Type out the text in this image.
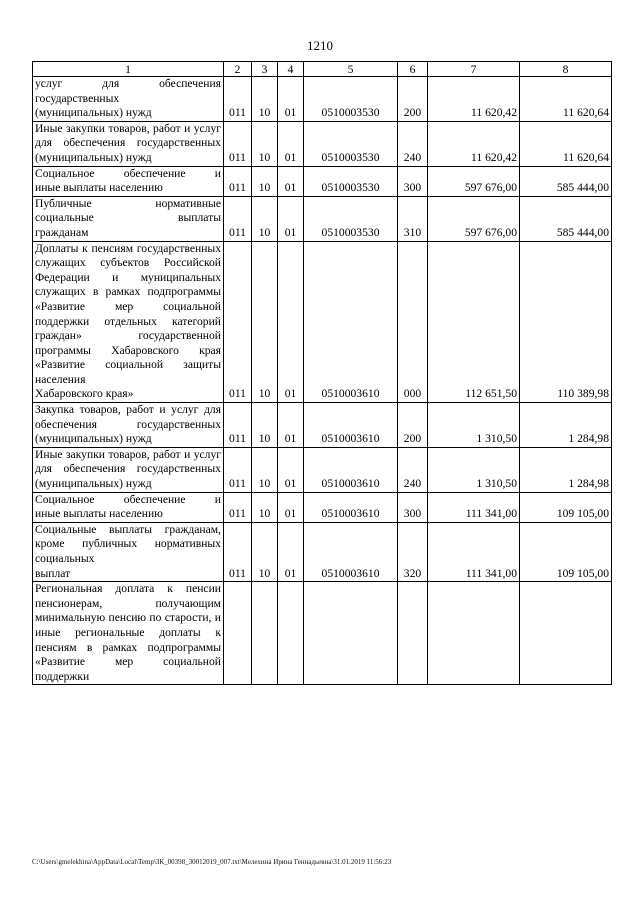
1210
1	2	3	4	5	6	7	8
услуг для обеспечения государственных
(муниципальных) нужд	011	10	01	0510003530	200	11 620,42	11 620,64
Иные закупки товаров, работ и услуг для обеспечения государственных
(муниципальных) нужд	011	10	01	0510003530	240	11 620,42	11 620,64
Социальное обеспечение и
иные выплаты населению	011	10	01	0510003530	300	597 676,00	585 444,00
Публичные нормативные социальные выплаты
гражданам	011	10	01	0510003530	310	597 676,00	585 444,00
Доплаты к пенсиям государственных служащих субъектов Российской Федерации и муниципальных служащих в рамках подпрограммы «Развитие мер социальной поддержки отдельных категорий граждан» государственной программы Хабаровского края «Развитие социальной защиты населения
Хабаровского края»	011	10	01	0510003610	000	112 651,50	110 389,98
Закупка товаров, работ и услуг для обеспечения государственных
(муниципальных) нужд	011	10	01	0510003610	200	1 310,50	1 284,98
Иные закупки товаров, работ и услуг для обеспечения государственных
(муниципальных) нужд	011	10	01	0510003610	240	1 310,50	1 284,98
Социальное обеспечение и
иные выплаты населению	011	10	01	0510003610	300	111 341,00	109 105,00
Социальные выплаты гражданам, кроме публичных нормативных социальных
выплат	011	10	01	0510003610	320	111 341,00	109 105,00
Региональная доплата к пенсии пенсионерам, получающим минимальную пенсию по старости, и иные региональные доплаты к пенсиям в рамках подпрограммы «Развитие мер социальной поддержки

C:\Users\gmelekhina\AppData\Local\Temp\ЗК_00398_30012019_007.txt\Мелехина Ирина Геннадьевна\31.01.2019 11:56:23
